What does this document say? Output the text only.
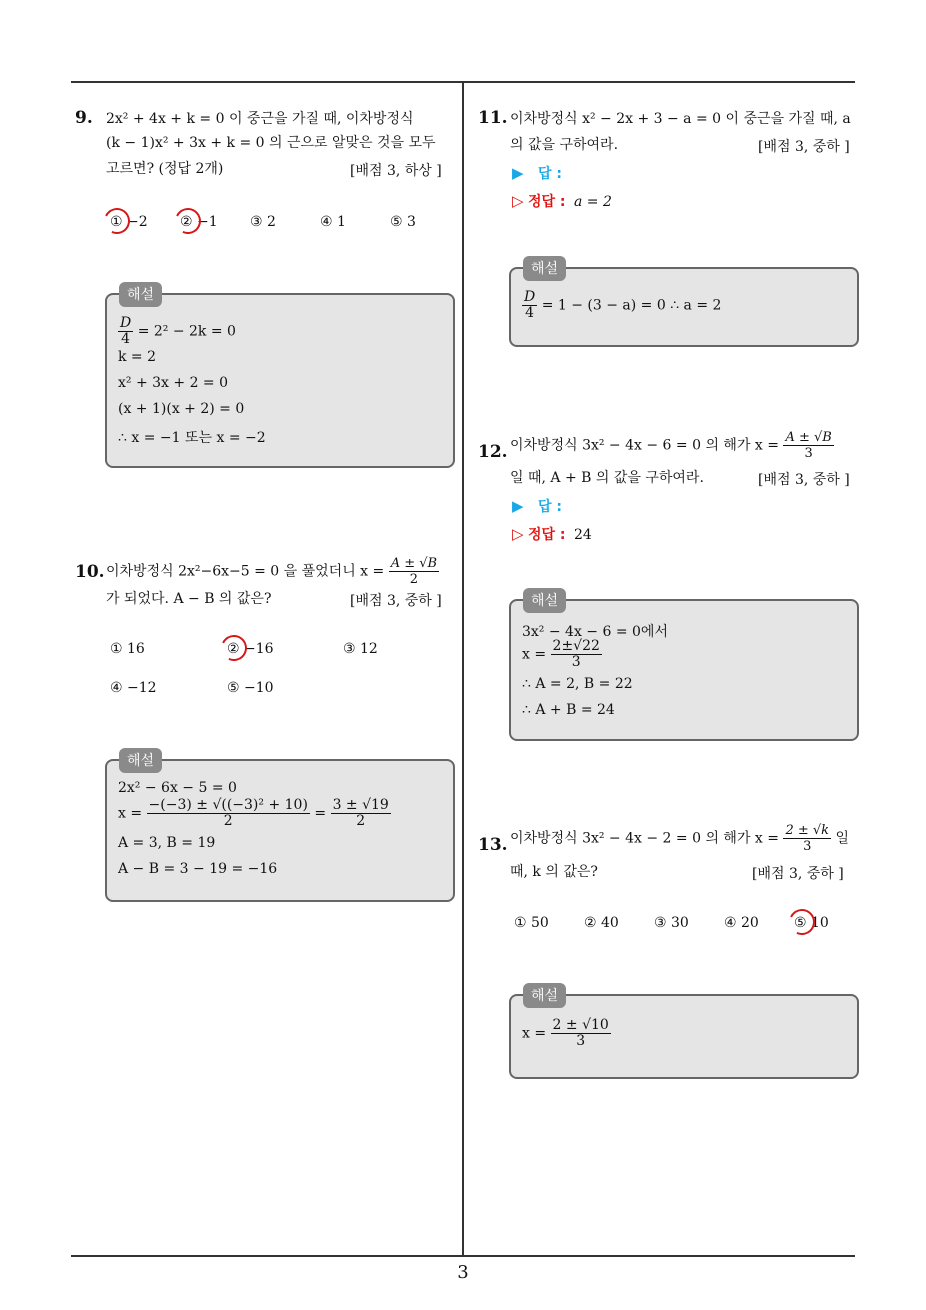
9. 2x² + 4x + k = 0 이 중근을 가질 때, 이차방정식
(k − 1)x² + 3x + k = 0 의 근으로 알맞은 것을 모두
고르면? (정답 2개)	[배점 3, 하상 ]
① −2 ② −1 ③ 2	④ 1	⑤ 3
해설
$\frac{D}{4} = 2^2 - 2k = 0$
k = 2
x² + 3x + 2 = 0
(x + 1)(x + 2) = 0
∴ x = −1 또는 x = −2
10. 이차방정식 2x²−6x−5 = 0 을 풀었더니 $x = \frac{A \pm √B}{2}$
가 되었다. A − B 의 값은?	[배점 3, 중하 ]
① 16	② −16	③ 12
④ −12	⑤ −10
해설
2x² − 6x − 5 = 0
$x = \frac{\text{−(−3) ± √((−3)² + 10)}}{2} = \frac{3 \pm √19}{2}$
A = 3, B = 19
A − B = 3 − 19 = −16
11. 이차방정식 x² − 2x + 3 − a = 0 이 중근을 가질 때, a
의 값을 구하여라.	[배점 3, 중하 ]
▶ 답 :
▷ 정답 : a = 2
해설
$\frac{D}{4} = 1 - (3 - a) = 0$ ∴ a = 2
12. 이차방정식 3x² − 4x − 6 = 0 의 해가 $x = \frac{A \pm √B}{3}$
일 때, A + B 의 값을 구하여라.	[배점 3, 중하 ]
▶ 답 :
▷ 정답 : 24
해설
3x² − 4x − 6 = 0에서
$x = \frac{2\pm√22}{3}$
∴ A = 2, B = 22
∴ A + B = 24
13. 이차방정식 3x² − 4x − 2 = 0 의 해가 $x = \frac{2 \pm √k}{3}$ 일
때, k 의 값은?	[배점 3, 중하 ]
① 50	② 40	③ 30	④ 20	⑤ 10
해설
$x = \frac{2 \pm √10}{3}$
3
